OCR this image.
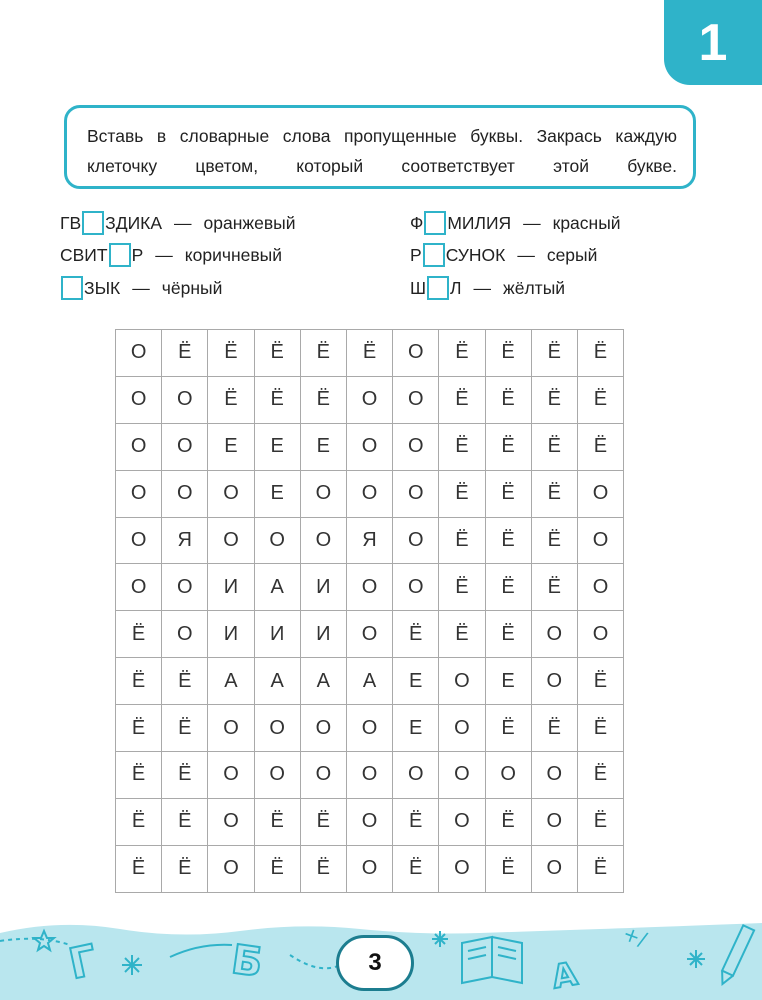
1
Вставь в словарные слова пропущенные буквы. Закрась каждую клеточку цветом, который соответствует этой букве.
ГВ ЗДИКА — оранжевый
СВИТ Р — коричневый
ЗЫК — чёрный
Ф МИЛИЯ — красный
Р СУНОК — серый
Ш Л — жёлтый
О	Ё	Ё	Ё	Ё	Ё	О	Ё	Ё	Ё	Ё
О	О	Ё	Ё	Ё	О	О	Ё	Ё	Ё	Ё
О	О	Е	Е	Е	О	О	Ё	Ё	Ё	Ё
О	О	О	Е	О	О	О	Ё	Ё	Ё	О
О	Я	О	О	О	Я	О	Ё	Ё	Ё	О
О	О	И	А	И	О	О	Ё	Ё	Ё	О
Ё	О	И	И	И	О	Ё	Ё	Ё	О	О
Ё	Ё	А	А	А	А	Е	О	Е	О	Ё
Ё	Ё	О	О	О	О	Е	О	Ё	Ё	Ё
Ё	Ё	О	О	О	О	О	О	О	О	Ё
Ё	Ё	О	Ё	Ё	О	Ё	О	Ё	О	Ё
Ё	Ё	О	Ё	Ё	О	Ё	О	Ё	О	Ё
Г	Б	А
+/
3
